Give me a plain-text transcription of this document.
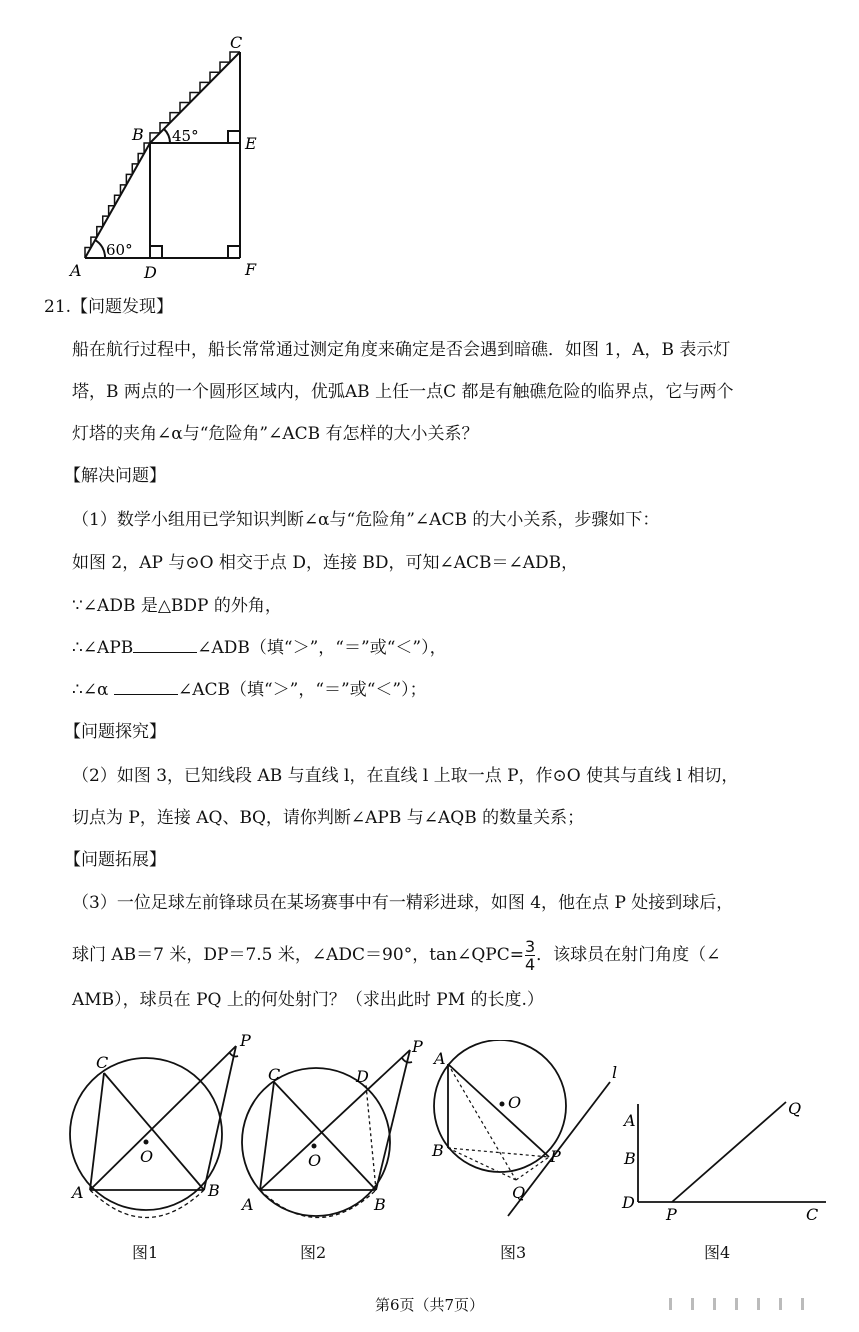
C
B	E
A	D	F
45°
60°
21.【问题发现】
船在航行过程中，船长常常通过测定角度来确定是否会遇到暗礁．如图 1，A，B 表示灯
塔，B 两点的一个圆形区域内，优弧AB 上任一点C 都是有触礁危险的临界点，它与两个
灯塔的夹角∠α与“危险角”∠ACB 有怎样的大小关系？
【解决问题】
（1）数学小组用已学知识判断∠α与“危险角”∠ACB 的大小关系，步骤如下：
如图 2，AP 与⊙O 相交于点 D，连接 BD，可知∠ACB＝∠ADB，
∵∠ADB 是△BDP 的外角，
∴∠APB	∠ADB（填“＞”，“＝”或“＜”），
∴∠α	∠ACB（填“＞”，“＝”或“＜”）；
【问题探究】
（2）如图 3，已知线段 AB 与直线 l，在直线 l 上取一点 P，作⊙O 使其与直线 l 相切，
切点为 P，连接 AQ、BQ，请你判断∠APB 与∠AQB 的数量关系；
【问题拓展】
（3）一位足球左前锋球员在某场赛事中有一精彩进球，如图 4，他在点 P 处接到球后，
球门 AB＝7 米，DP＝7.5 米，∠ADC＝90°，tan∠QPC= $\frac{3}{4}$ ．该球员在射门角度（∠
AMB），球员在 PQ 上的何处射门？（求出此时 PM 的长度.）
C
P
O
A	B
图1
C	D
P
O
A	B
图2
A
O
B	P
Q
l
图3
A
B
D
P	C
Q
图4
第6页（共7页）
